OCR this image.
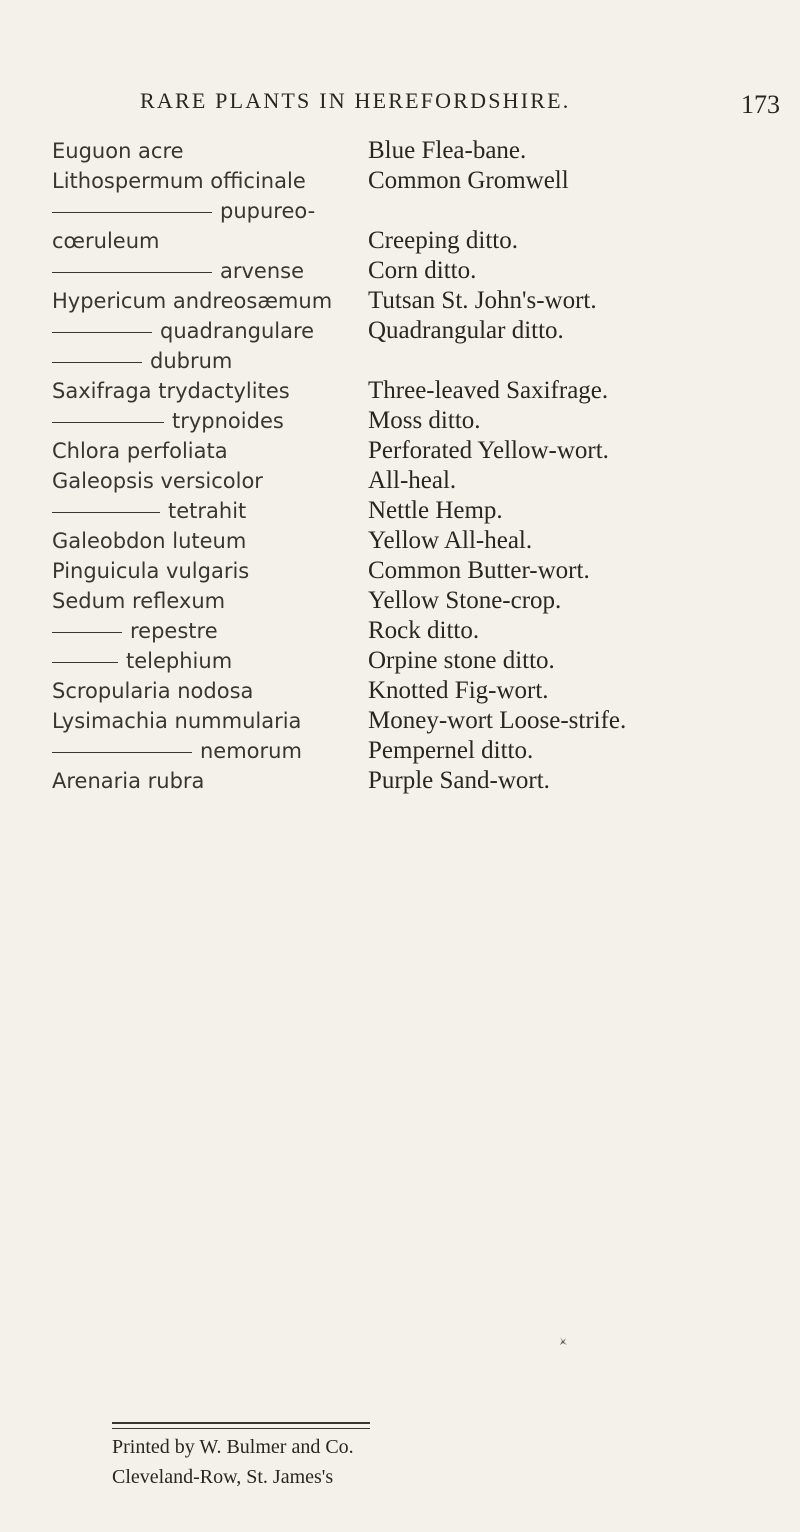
RARE PLANTS IN HEREFORDSHIRE.	173
Euguon acre
Lithospermum officinale
pupureo-
cœruleum
arvense
Hypericum andreosæmum
quadrangulare
dubrum
Saxifraga trydactylites
trypnoides
Chlora perfoliata
Galeopsis versicolor
tetrahit
Galeobdon luteum
Pinguicula vulgaris
Sedum reflexum
repestre
telephium
Scropularia nodosa
Lysimachia nummularia
nemorum
Arenaria rubra
Blue Flea-bane.
Common Gromwell
Creeping ditto.
Corn ditto.
Tutsan St. John's-wort.
Quadrangular ditto.
Three-leaved Saxifrage.
Moss ditto.
Perforated Yellow-wort.
All-heal.
Nettle Hemp.
Yellow All-heal.
Common Butter-wort.
Yellow Stone-crop.
Rock ditto.
Orpine stone ditto.
Knotted Fig-wort.
Money-wort Loose-strife.
Pempernel ditto.
Purple Sand-wort.
Printed by W. Bulmer and Co.
Cleveland-Row, St. James's
